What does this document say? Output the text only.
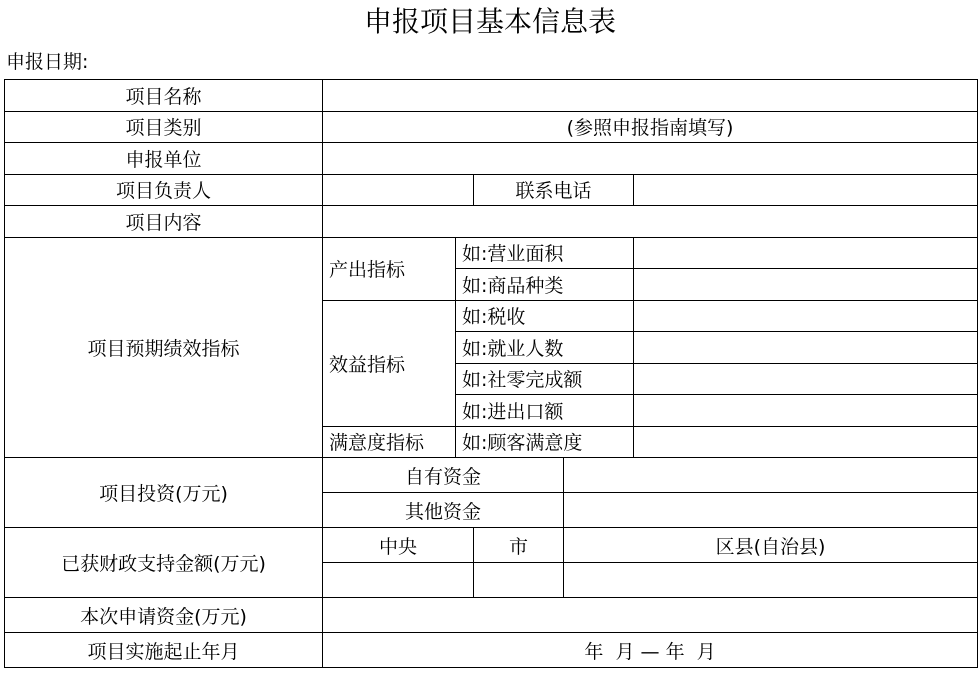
申报项目基本信息表
申报日期:
项目名称					
项目类别	(参照申报指南填写)				
申报单位					
项目负责人			联系电话		
项目内容					
项目预期绩效指标	产出指标	如:营业面积			
		如:商品种类			
	效益指标	如:税收			
		如:就业人数			
		如:社零完成额			
		如:进出口额			
	满意度指标	如:顾客满意度			
项目投资(万元)	自有资金				
	其他资金				
已获财政支持金额(万元)	中央		市	区县(自治县)	

本次申请资金(万元)					
项目实施起止年月	年  月 — 年  月				
